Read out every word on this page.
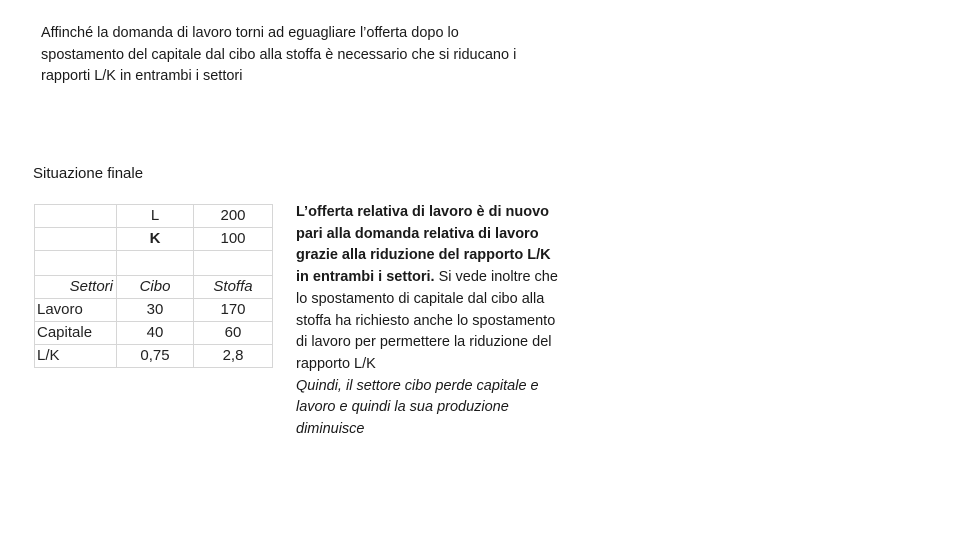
Affinché la domanda di lavoro torni ad eguagliare l’offerta dopo lo spostamento del capitale dal cibo alla stoffa è necessario che si riducano i rapporti L/K in entrambi i settori

Situazione finale

	L	200
	K	100

Settori	Cibo	Stoffa
Lavoro	30	170
Capitale	40	60
L/K	0,75	2,8

L’offerta relativa di lavoro è di nuovo pari alla domanda relativa di lavoro grazie alla riduzione del rapporto L/K in entrambi i settori. Si vede inoltre che lo spostamento di capitale dal cibo alla stoffa ha richiesto anche lo spostamento di lavoro per permettere la riduzione del rapporto L/K
Quindi, il settore cibo perde capitale e lavoro e quindi la sua produzione diminuisce
